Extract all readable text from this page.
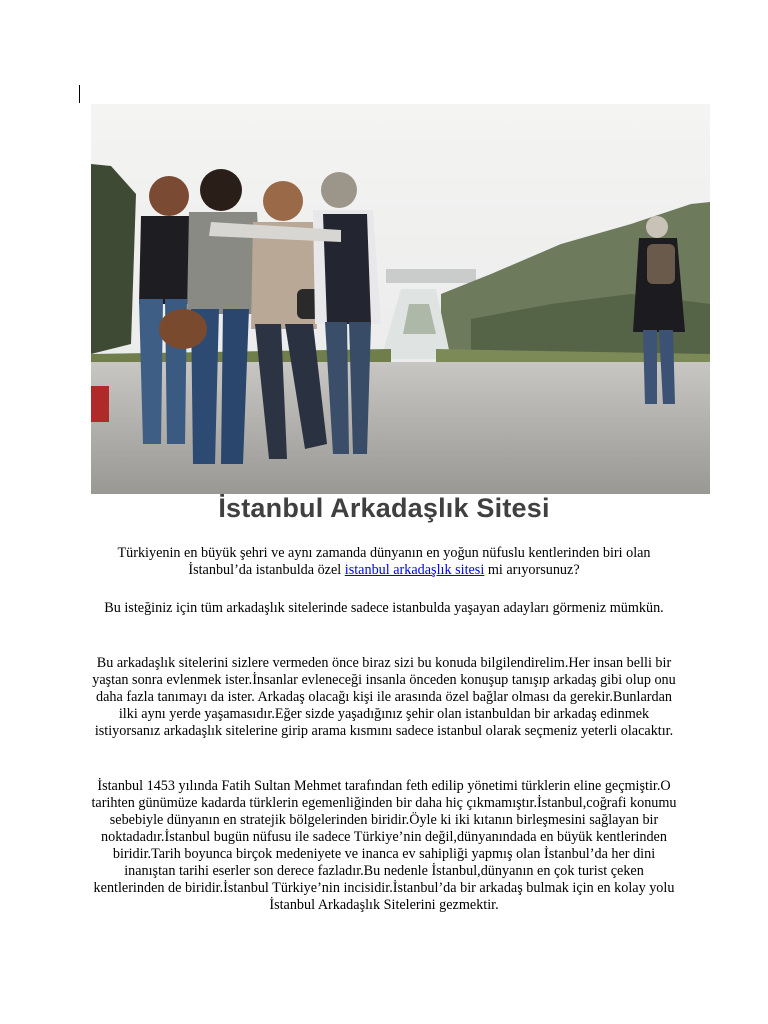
İstanbul Arkadaşlık Sitesi

Türkiyenin en büyük şehri ve aynı zamanda dünyanın en yoğun nüfuslu kentlerinden biri olan İstanbul’da istanbulda özel istanbul arkadaşlık sitesi mi arıyorsunuz?

Bu isteğiniz için tüm arkadaşlık sitelerinde sadece istanbulda yaşayan adayları görmeniz mümkün.

Bu arkadaşlık sitelerini sizlere vermeden önce biraz sizi bu konuda bilgilendirelim.Her insan belli bir yaştan sonra evlenmek ister.İnsanlar evleneceği insanla önceden konuşup tanışıp arkadaş gibi olup onu daha fazla tanımayı da ister. Arkadaş olacağı kişi ile arasında özel bağlar olması da gerekir.Bunlardan ilki aynı yerde yaşamasıdır.Eğer sizde yaşadığınız şehir olan istanbuldan bir arkadaş edinmek istiyorsanız arkadaşlık sitelerine girip arama kısmını sadece istanbul olarak seçmeniz yeterli olacaktır.

İstanbul 1453 yılında Fatih Sultan Mehmet tarafından feth edilip yönetimi türklerin eline geçmiştir.O tarihten günümüze kadarda türklerin egemenliğinden bir daha hiç çıkmamıştır.İstanbul,coğrafi konumu sebebiyle dünyanın en stratejik bölgelerinden biridir.Öyle ki iki kıtanın birleşmesini sağlayan bir noktadadır.İstanbul bugün nüfusu ile sadece Türkiye’nin değil,dünyanındada en büyük kentlerinden biridir.Tarih boyunca birçok medeniyete ve inanca ev sahipliği yapmış olan İstanbul’da her dini inanıştan tarihi eserler son derece fazladır.Bu nedenle İstanbul,dünyanın en çok turist çeken kentlerinden de biridir.İstanbul Türkiye’nin incisidir.İstanbul’da bir arkadaş bulmak için en kolay yolu İstanbul Arkadaşlık Sitelerini gezmektir.
